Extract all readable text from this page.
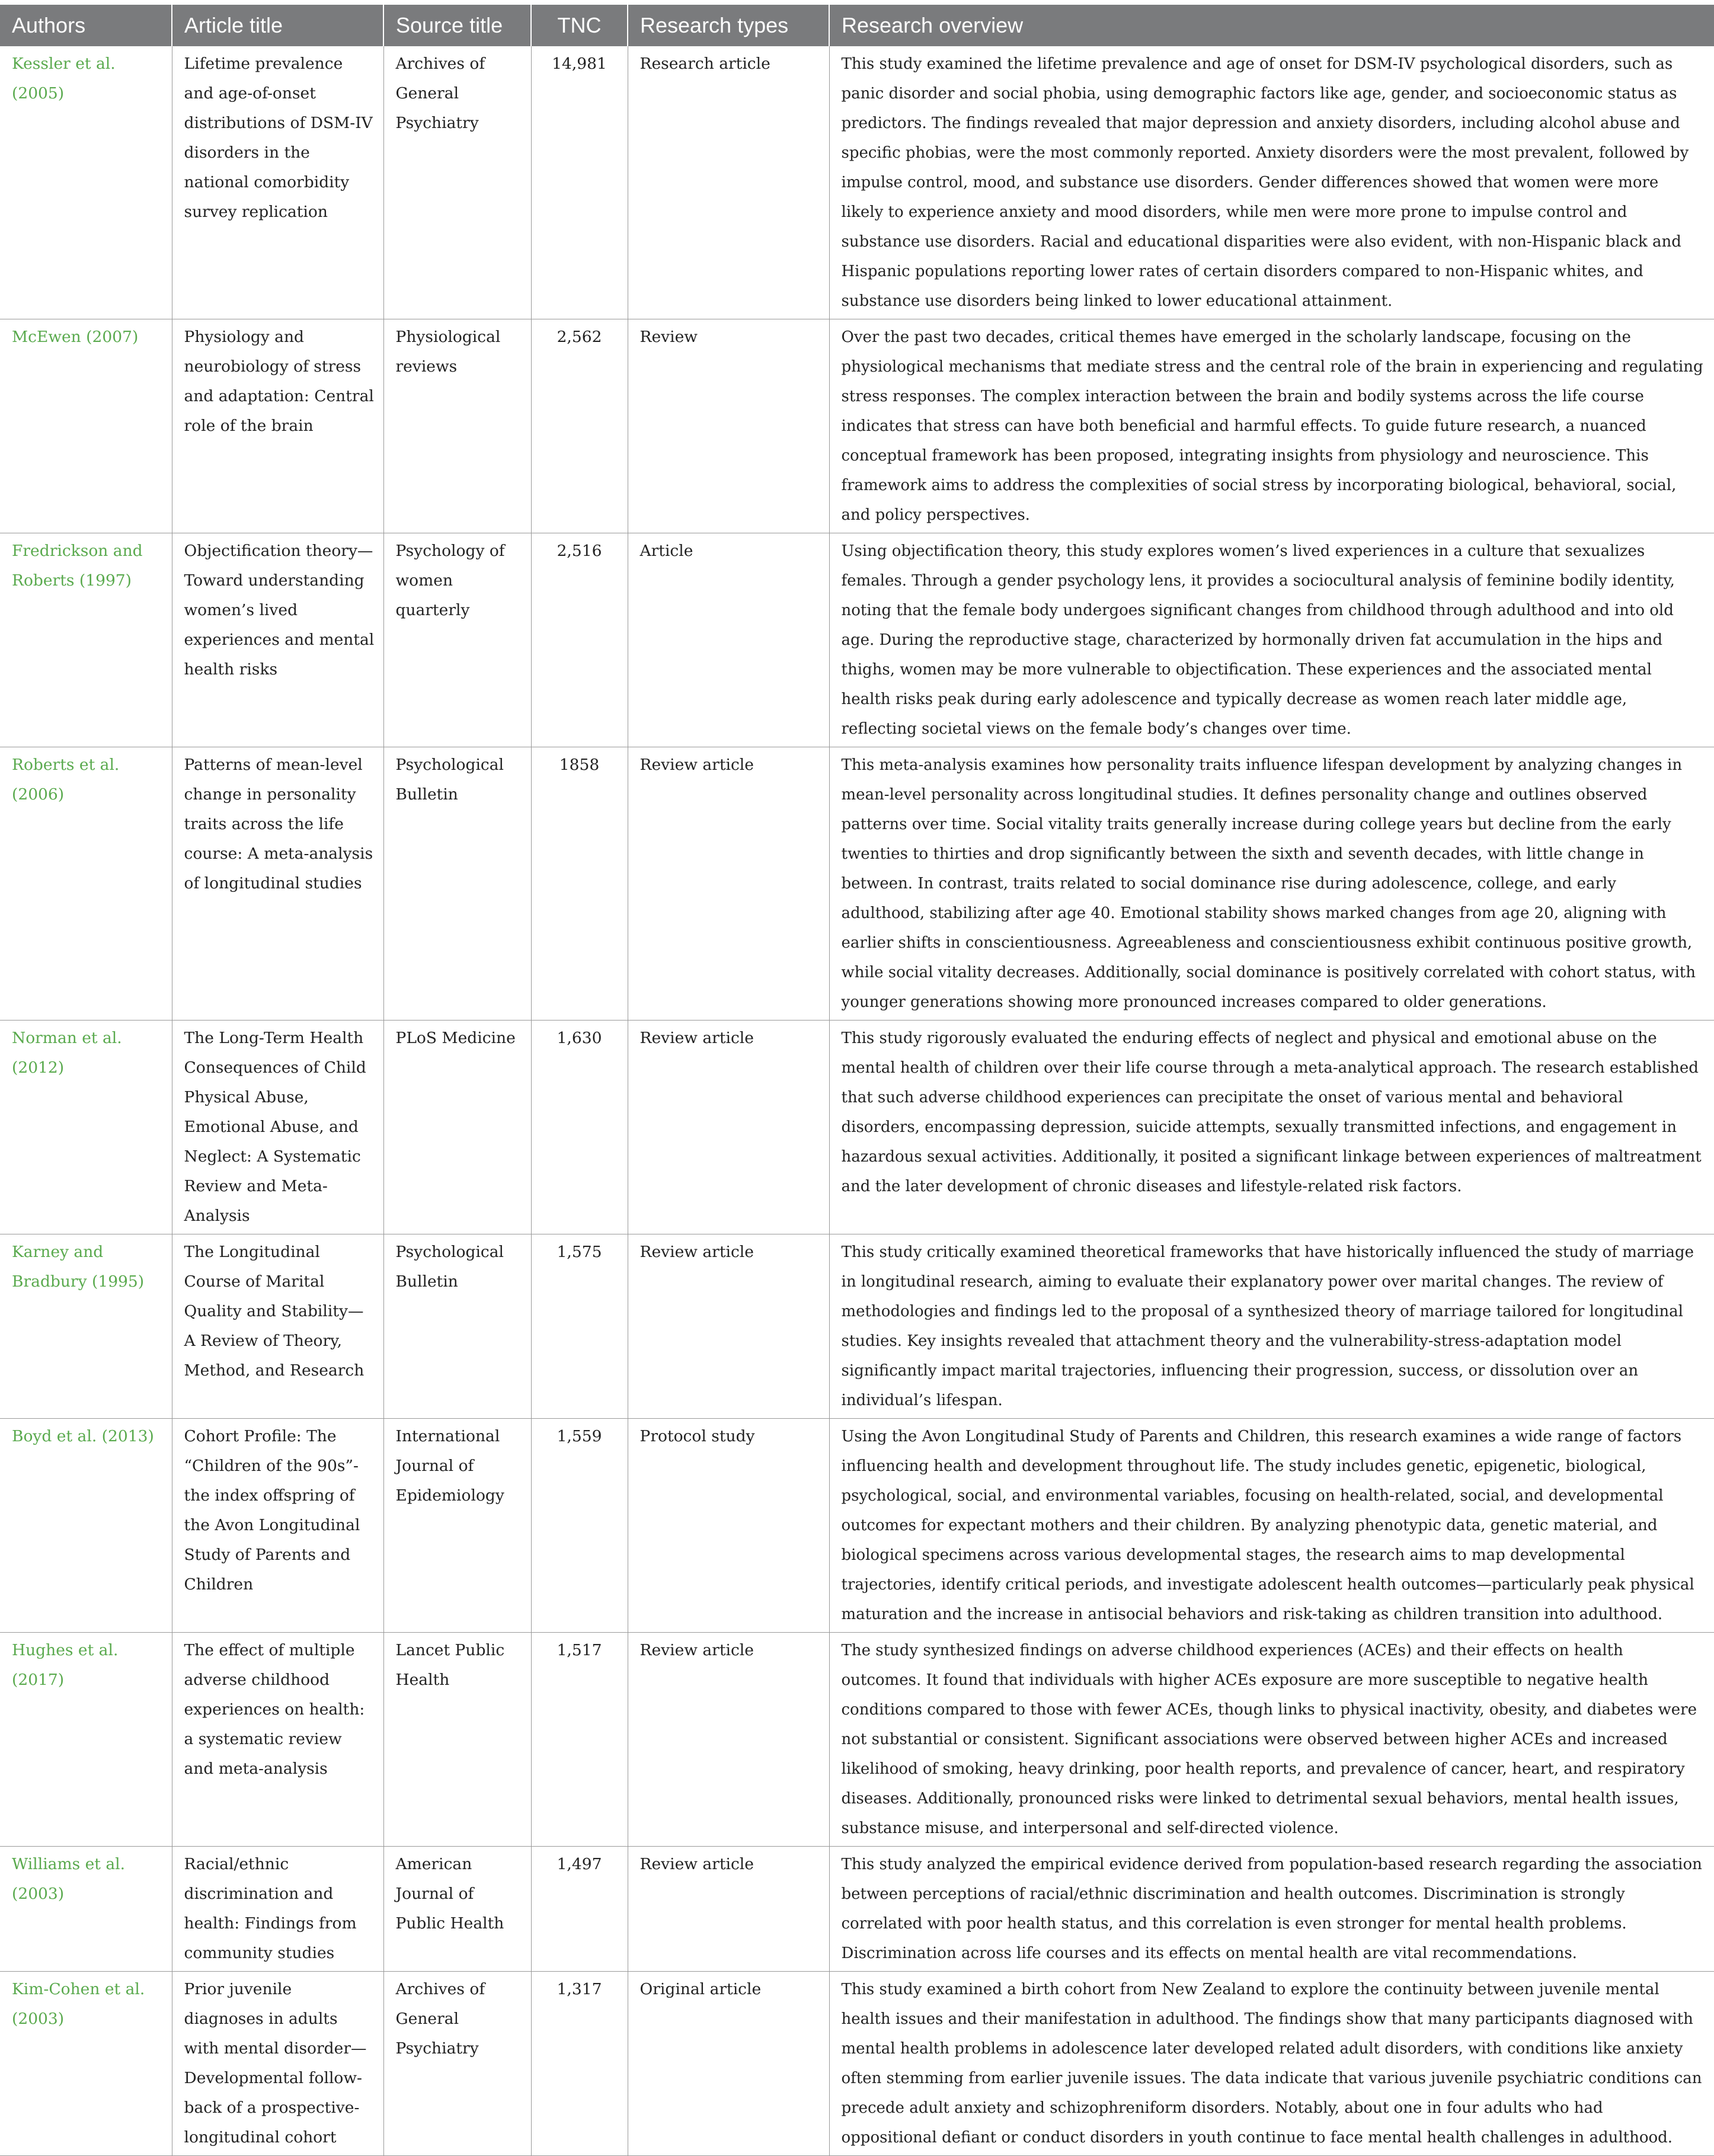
Authors	Article title	Source title	TNC	Research types	Research overview
Kessler et al. (2005)	Lifetime prevalence and age-of-onset distributions of DSM-IV disorders in the national comorbidity survey replication	Archives of General Psychiatry	14,981	Research article	This study examined the lifetime prevalence and age of onset for DSM-IV psychological disorders, such as panic disorder and social phobia, using demographic factors like age, gender, and socioeconomic status as predictors. The findings revealed that major depression and anxiety disorders, including alcohol abuse and specific phobias, were the most commonly reported. Anxiety disorders were the most prevalent, followed by impulse control, mood, and substance use disorders. Gender differences showed that women were more likely to experience anxiety and mood disorders, while men were more prone to impulse control and substance use disorders. Racial and educational disparities were also evident, with non-Hispanic black and Hispanic populations reporting lower rates of certain disorders compared to non-Hispanic whites, and substance use disorders being linked to lower educational attainment.
McEwen (2007)	Physiology and neurobiology of stress and adaptation: Central role of the brain	Physiological reviews	2,562	Review	Over the past two decades, critical themes have emerged in the scholarly landscape, focusing on the physiological mechanisms that mediate stress and the central role of the brain in experiencing and regulating stress responses. The complex interaction between the brain and bodily systems across the life course indicates that stress can have both beneficial and harmful effects. To guide future research, a nuanced conceptual framework has been proposed, integrating insights from physiology and neuroscience. This framework aims to address the complexities of social stress by incorporating biological, behavioral, social, and policy perspectives.
Fredrickson and Roberts (1997)	Objectification theory—Toward understanding women’s lived experiences and mental health risks	Psychology of women quarterly	2,516	Article	Using objectification theory, this study explores women’s lived experiences in a culture that sexualizes females. Through a gender psychology lens, it provides a sociocultural analysis of feminine bodily identity, noting that the female body undergoes significant changes from childhood through adulthood and into old age. During the reproductive stage, characterized by hormonally driven fat accumulation in the hips and thighs, women may be more vulnerable to objectification. These experiences and the associated mental health risks peak during early adolescence and typically decrease as women reach later middle age, reflecting societal views on the female body’s changes over time.
Roberts et al. (2006)	Patterns of mean-level change in personality traits across the life course: A meta-analysis of longitudinal studies	Psychological Bulletin	1858	Review article	This meta-analysis examines how personality traits influence lifespan development by analyzing changes in mean-level personality across longitudinal studies. It defines personality change and outlines observed patterns over time. Social vitality traits generally increase during college years but decline from the early twenties to thirties and drop significantly between the sixth and seventh decades, with little change in between. In contrast, traits related to social dominance rise during adolescence, college, and early adulthood, stabilizing after age 40. Emotional stability shows marked changes from age 20, aligning with earlier shifts in conscientiousness. Agreeableness and conscientiousness exhibit continuous positive growth, while social vitality decreases. Additionally, social dominance is positively correlated with cohort status, with younger generations showing more pronounced increases compared to older generations.
Norman et al. (2012)	The Long-Term Health Consequences of Child Physical Abuse, Emotional Abuse, and Neglect: A Systematic Review and Meta-Analysis	PLoS Medicine	1,630	Review article	This study rigorously evaluated the enduring effects of neglect and physical and emotional abuse on the mental health of children over their life course through a meta-analytical approach. The research established that such adverse childhood experiences can precipitate the onset of various mental and behavioral disorders, encompassing depression, suicide attempts, sexually transmitted infections, and engagement in hazardous sexual activities. Additionally, it posited a significant linkage between experiences of maltreatment and the later development of chronic diseases and lifestyle-related risk factors.
Karney and Bradbury (1995)	The Longitudinal Course of Marital Quality and Stability—A Review of Theory, Method, and Research	Psychological Bulletin	1,575	Review article	This study critically examined theoretical frameworks that have historically influenced the study of marriage in longitudinal research, aiming to evaluate their explanatory power over marital changes. The review of methodologies and findings led to the proposal of a synthesized theory of marriage tailored for longitudinal studies. Key insights revealed that attachment theory and the vulnerability-stress-adaptation model significantly impact marital trajectories, influencing their progression, success, or dissolution over an individual’s lifespan.
Boyd et al. (2013)	Cohort Profile: The “Children of the 90s”-the index offspring of the Avon Longitudinal Study of Parents and Children	International Journal of Epidemiology	1,559	Protocol study	Using the Avon Longitudinal Study of Parents and Children, this research examines a wide range of factors influencing health and development throughout life. The study includes genetic, epigenetic, biological, psychological, social, and environmental variables, focusing on health-related, social, and developmental outcomes for expectant mothers and their children. By analyzing phenotypic data, genetic material, and biological specimens across various developmental stages, the research aims to map developmental trajectories, identify critical periods, and investigate adolescent health outcomes—particularly peak physical maturation and the increase in antisocial behaviors and risk-taking as children transition into adulthood.
Hughes et al. (2017)	The effect of multiple adverse childhood experiences on health: a systematic review and meta-analysis	Lancet Public Health	1,517	Review article	The study synthesized findings on adverse childhood experiences (ACEs) and their effects on health outcomes. It found that individuals with higher ACEs exposure are more susceptible to negative health conditions compared to those with fewer ACEs, though links to physical inactivity, obesity, and diabetes were not substantial or consistent. Significant associations were observed between higher ACEs and increased likelihood of smoking, heavy drinking, poor health reports, and prevalence of cancer, heart, and respiratory diseases. Additionally, pronounced risks were linked to detrimental sexual behaviors, mental health issues, substance misuse, and interpersonal and self-directed violence.
Williams et al. (2003)	Racial/ethnic discrimination and health: Findings from community studies	American Journal of Public Health	1,497	Review article	This study analyzed the empirical evidence derived from population-based research regarding the association between perceptions of racial/ethnic discrimination and health outcomes. Discrimination is strongly correlated with poor health status, and this correlation is even stronger for mental health problems. Discrimination across life courses and its effects on mental health are vital recommendations.
Kim-Cohen et al. (2003)	Prior juvenile diagnoses in adults with mental disorder—Developmental follow-back of a prospective-longitudinal cohort	Archives of General Psychiatry	1,317	Original article	This study examined a birth cohort from New Zealand to explore the continuity between juvenile mental health issues and their manifestation in adulthood. The findings show that many participants diagnosed with mental health problems in adolescence later developed related adult disorders, with conditions like anxiety often stemming from earlier juvenile issues. The data indicate that various juvenile psychiatric conditions can precede adult anxiety and schizophreniform disorders. Notably, about one in four adults who had oppositional defiant or conduct disorders in youth continue to face mental health challenges in adulthood.
